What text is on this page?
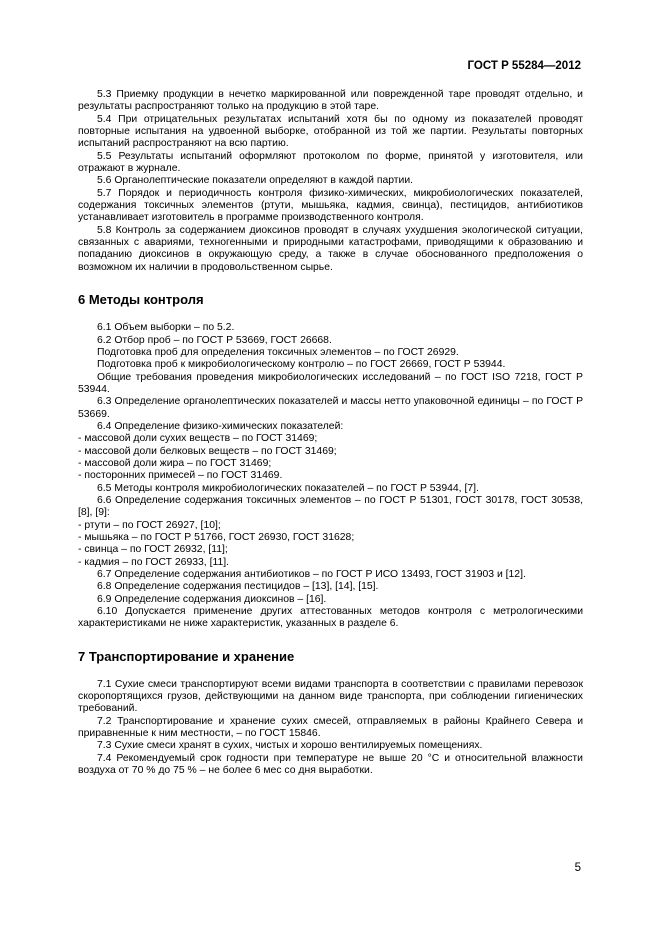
ГОСТ Р 55284—2012

5.3 Приемку продукции в нечетко маркированной или поврежденной таре проводят отдельно, и результаты распространяют только на продукцию в этой таре.

5.4 При отрицательных результатах испытаний хотя бы по одному из показателей проводят повторные испытания на удвоенной выборке, отобранной из той же партии. Результаты повторных испытаний распространяют на всю партию.

5.5 Результаты испытаний оформляют протоколом по форме, принятой у изготовителя, или отражают в журнале.

5.6 Органолептические показатели определяют в каждой партии.

5.7 Порядок и периодичность контроля физико-химических, микробиологических показателей, содержания токсичных элементов (ртути, мышьяка, кадмия, свинца), пестицидов, антибиотиков устанавливает изготовитель в программе производственного контроля.

5.8 Контроль за содержанием диоксинов проводят в случаях ухудшения экологической ситуации, связанных с авариями, техногенными и природными катастрофами, приводящими к образованию и попаданию диоксинов в окружающую среду, а также в случае обоснованного предположения о возможном их наличии в продовольственном сырье.

6 Методы контроля

6.1 Объем выборки – по 5.2.

6.2 Отбор проб – по ГОСТ Р 53669, ГОСТ 26668.

Подготовка проб для определения токсичных элементов – по ГОСТ 26929.

Подготовка проб к микробиологическому контролю – по ГОСТ 26669, ГОСТ Р 53944.

Общие требования проведения микробиологических исследований – по ГОСТ ISO 7218, ГОСТ Р 53944.

6.3 Определение органолептических показателей и массы нетто упаковочной единицы – по ГОСТ Р 53669.

6.4 Определение физико-химических показателей:

- массовой доли сухих веществ – по ГОСТ 31469;

- массовой доли белковых веществ – по ГОСТ 31469;

- массовой доли жира – по ГОСТ 31469;

- посторонних примесей – по ГОСТ 31469.

6.5 Методы контроля микробиологических показателей – по ГОСТ Р 53944, [7].

6.6 Определение содержания токсичных элементов – по ГОСТ Р 51301, ГОСТ 30178, ГОСТ 30538, [8], [9]:

- ртути – по ГОСТ 26927, [10];

- мышьяка – по ГОСТ Р 51766, ГОСТ 26930, ГОСТ 31628;

- свинца – по ГОСТ 26932, [11];

- кадмия – по ГОСТ 26933, [11].

6.7 Определение содержания антибиотиков – по ГОСТ Р ИСО 13493, ГОСТ 31903 и [12].

6.8 Определение содержания пестицидов – [13], [14], [15].

6.9 Определение содержания диоксинов – [16].

6.10 Допускается применение других аттестованных методов контроля с метрологическими характеристиками не ниже характеристик, указанных в разделе 6.

7 Транспортирование и хранение

7.1 Сухие смеси транспортируют всеми видами транспорта в соответствии с правилами перевозок скоропортящихся грузов, действующими на данном виде транспорта, при соблюдении гигиенических требований.

7.2 Транспортирование и хранение сухих смесей, отправляемых в районы Крайнего Севера и приравненные к ним местности, – по ГОСТ 15846.

7.3 Сухие смеси хранят в сухих, чистых и хорошо вентилируемых помещениях.

7.4 Рекомендуемый срок годности при температуре не выше 20 °С и относительной влажности воздуха от 70 % до 75 % – не более 6 мес со дня выработки.

5
